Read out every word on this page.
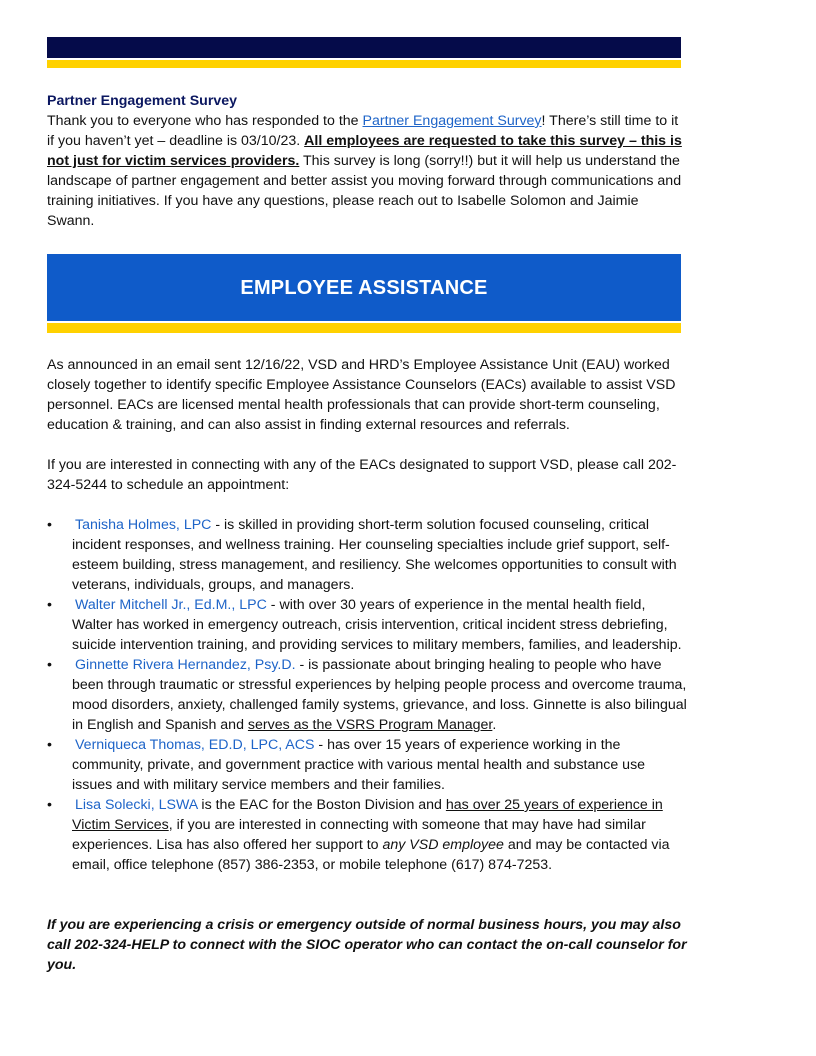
Partner Engagement Survey

Thank you to everyone who has responded to the Partner Engagement Survey! There’s still time to it if you haven’t yet – deadline is 03/10/23. All employees are requested to take this survey – this is not just for victim services providers. This survey is long (sorry!!) but it will help us understand the landscape of partner engagement and better assist you moving forward through communications and training initiatives. If you have any questions, please reach out to Isabelle Solomon and Jaimie Swann.

EMPLOYEE ASSISTANCE

As announced in an email sent 12/16/22, VSD and HRD’s Employee Assistance Unit (EAU) worked closely together to identify specific Employee Assistance Counselors (EACs) available to assist VSD personnel. EACs are licensed mental health professionals that can provide short-term counseling, education & training, and can also assist in finding external resources and referrals.

If you are interested in connecting with any of the EACs designated to support VSD, please call 202-324-5244 to schedule an appointment:

•	Tanisha Holmes, LPC - is skilled in providing short-term solution focused counseling, critical incident responses, and wellness training. Her counseling specialties include grief support, self-esteem building, stress management, and resiliency. She welcomes opportunities to consult with veterans, individuals, groups, and managers.
•	Walter Mitchell Jr., Ed.M., LPC - with over 30 years of experience in the mental health field, Walter has worked in emergency outreach, crisis intervention, critical incident stress debriefing, suicide intervention training, and providing services to military members, families, and leadership.
•	Ginnette Rivera Hernandez, Psy.D. - is passionate about bringing healing to people who have been through traumatic or stressful experiences by helping people process and overcome trauma, mood disorders, anxiety, challenged family systems, grievance, and loss. Ginnette is also bilingual in English and Spanish and serves as the VSRS Program Manager.
•	Verniqueca Thomas, ED.D, LPC, ACS - has over 15 years of experience working in the community, private, and government practice with various mental health and substance use issues and with military service members and their families.
•	Lisa Solecki, LSWA is the EAC for the Boston Division and has over 25 years of experience in Victim Services, if you are interested in connecting with someone that may have had similar experiences. Lisa has also offered her support to any VSD employee and may be contacted via email, office telephone (857) 386-2353, or mobile telephone (617) 874-7253.

If you are experiencing a crisis or emergency outside of normal business hours, you may also call 202-324-HELP to connect with the SIOC operator who can contact the on-call counselor for you.
